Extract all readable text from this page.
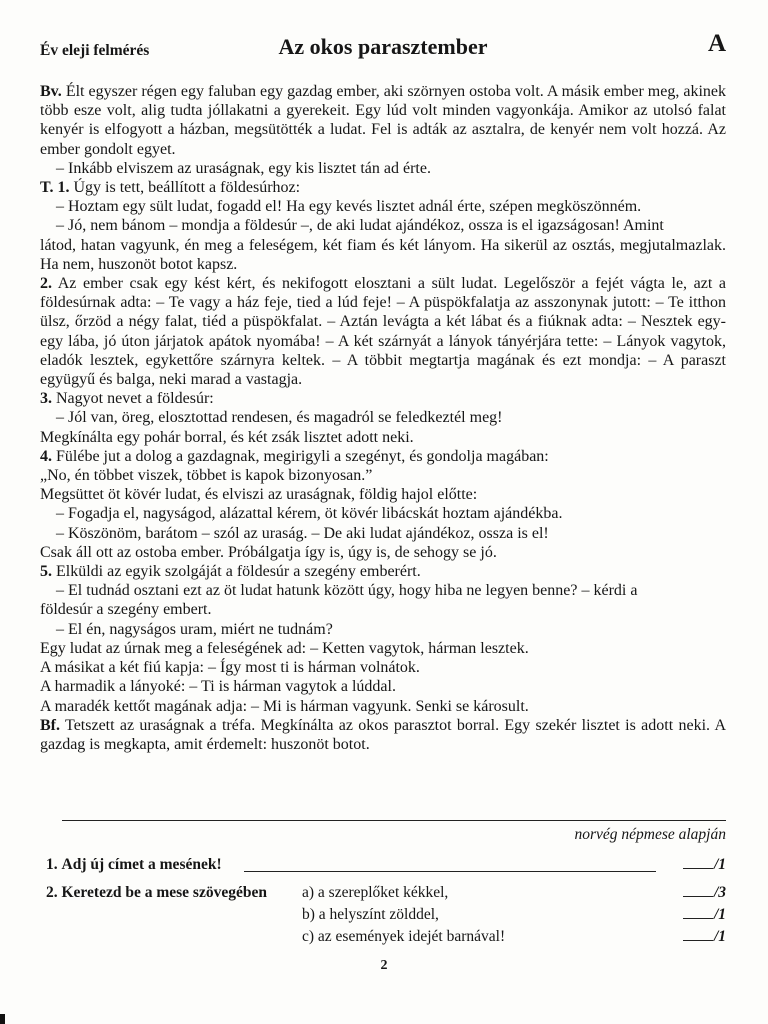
Év eleji felmérés	Az okos parasztember	A

Bv. Élt egyszer régen egy faluban egy gazdag ember, aki szörnyen ostoba volt. A másik ember meg, akinek több esze volt, alig tudta jóllakatni a gyerekeit. Egy lúd volt minden vagyonkája. Amikor az utolsó falat kenyér is elfogyott a házban, megsütötték a ludat. Fel is adták az asztalra, de kenyér nem volt hozzá. Az ember gondolt egyet.

– Inkább elviszem az uraságnak, egy kis lisztet tán ad érte.

T. 1. Úgy is tett, beállított a földesúrhoz:

– Hoztam egy sült ludat, fogadd el! Ha egy kevés lisztet adnál érte, szépen megköszönném.

– Jó, nem bánom – mondja a földesúr –, de aki ludat ajándékoz, ossza is el igazságosan! Amint

látod, hatan vagyunk, én meg a feleségem, két fiam és két lányom. Ha sikerül az osztás, megjutalmazlak. Ha nem, huszonöt botot kapsz.

2. Az ember csak egy kést kért, és nekifogott elosztani a sült ludat. Legelőször a fejét vágta le, azt a földesúrnak adta: – Te vagy a ház feje, tied a lúd feje! – A püspökfalatja az asszonynak jutott: – Te itthon ülsz, őrzöd a négy falat, tiéd a püspökfalat. – Aztán levágta a két lábat és a fiúknak adta: – Nesztek egy-egy lába, jó úton járjatok apátok nyomába! – A két szárnyát a lányok tányérjára tette: – Lányok vagytok, eladók lesztek, egykettőre szárnyra keltek. – A többit megtartja magának és ezt mondja: – A paraszt együgyű és balga, neki marad a vastagja.

3. Nagyot nevet a földesúr:

– Jól van, öreg, elosztottad rendesen, és magadról se feledkeztél meg!

Megkínálta egy pohár borral, és két zsák lisztet adott neki.

4. Fülébe jut a dolog a gazdagnak, megirigyli a szegényt, és gondolja magában:

„No, én többet viszek, többet is kapok bizonyosan.”

Megsüttet öt kövér ludat, és elviszi az uraságnak, földig hajol előtte:

– Fogadja el, nagyságod, alázattal kérem, öt kövér libácskát hoztam ajándékba.

– Köszönöm, barátom – szól az uraság. – De aki ludat ajándékoz, ossza is el!

Csak áll ott az ostoba ember. Próbálgatja így is, úgy is, de sehogy se jó.

5. Elküldi az egyik szolgáját a földesúr a szegény emberért.

– El tudnád osztani ezt az öt ludat hatunk között úgy, hogy hiba ne legyen benne? – kérdi a

földesúr a szegény embert.

– El én, nagyságos uram, miért ne tudnám?

Egy ludat az úrnak meg a feleségének ad: – Ketten vagytok, hárman lesztek.

A másikat a két fiú kapja: – Így most ti is hárman volnátok.

A harmadik a lányoké: – Ti is hárman vagytok a lúddal.

A maradék kettőt magának adja: – Mi is hárman vagyunk. Senki se károsult.

Bf. Tetszett az uraságnak a tréfa. Megkínálta az okos parasztot borral. Egy szekér lisztet is adott neki. A gazdag is megkapta, amit érdemelt: huszonöt botot.

norvég népmese alapján
1. Adj új címet a mesének!	/1
2. Keretezd be a mese szövegében a) a szereplőket kékkel,	/3
b) a helyszínt zölddel,	/1
c) az események idejét barnával!	/1
2
